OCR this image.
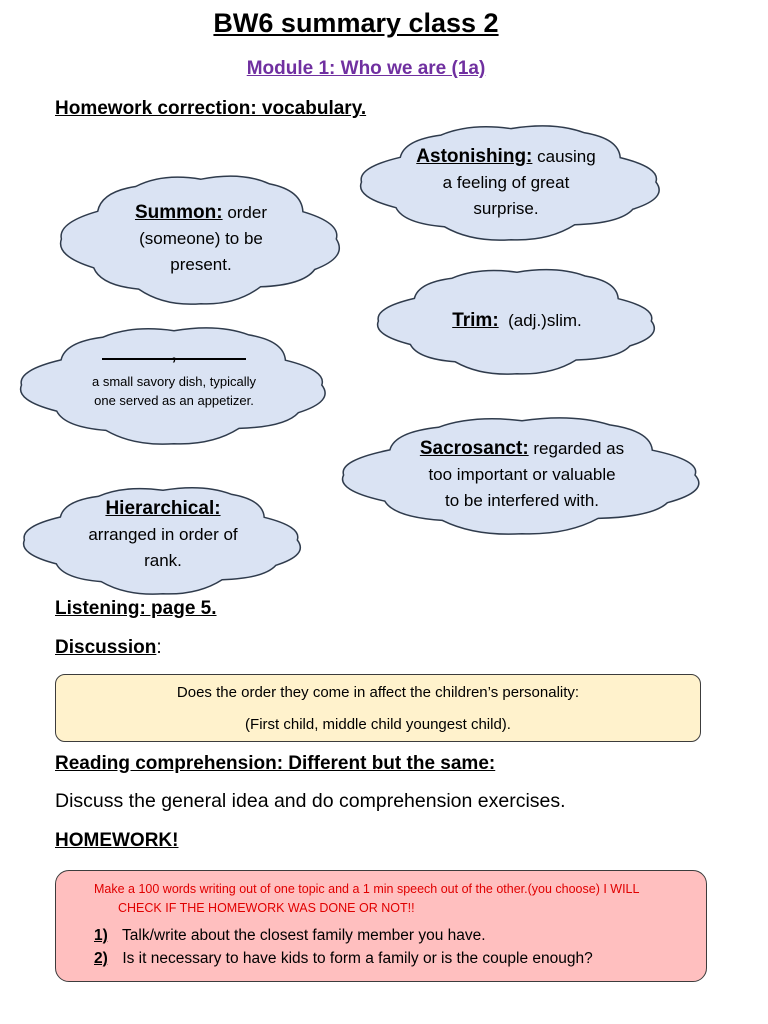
BW6 summary class 2
Module 1: Who we are (1a)
Homework correction: vocabulary.
Astonishing: causing
a feeling of great
surprise.
Summon: order
(someone) to be
present.
Trim: (adj.)slim.
,
a small savory dish, typically
one served as an appetizer.
Sacrosanct: regarded as
too important or valuable
to be interfered with.
Hierarchical:
arranged in order of
rank.
Listening: page 5.
Discussion:
Does the order they come in affect the children’s personality:
(First child, middle child youngest child).
Reading comprehension: Different but the same:
Discuss the general idea and do comprehension exercises.
HOMEWORK!
Make a 100 words writing out of one topic and a 1 min speech out of the other.(you choose) I WILL
CHECK IF THE HOMEWORK WAS DONE OR NOT!!
1) Talk/write about the closest family member you have.
2) Is it necessary to have kids to form a family or is the couple enough?
